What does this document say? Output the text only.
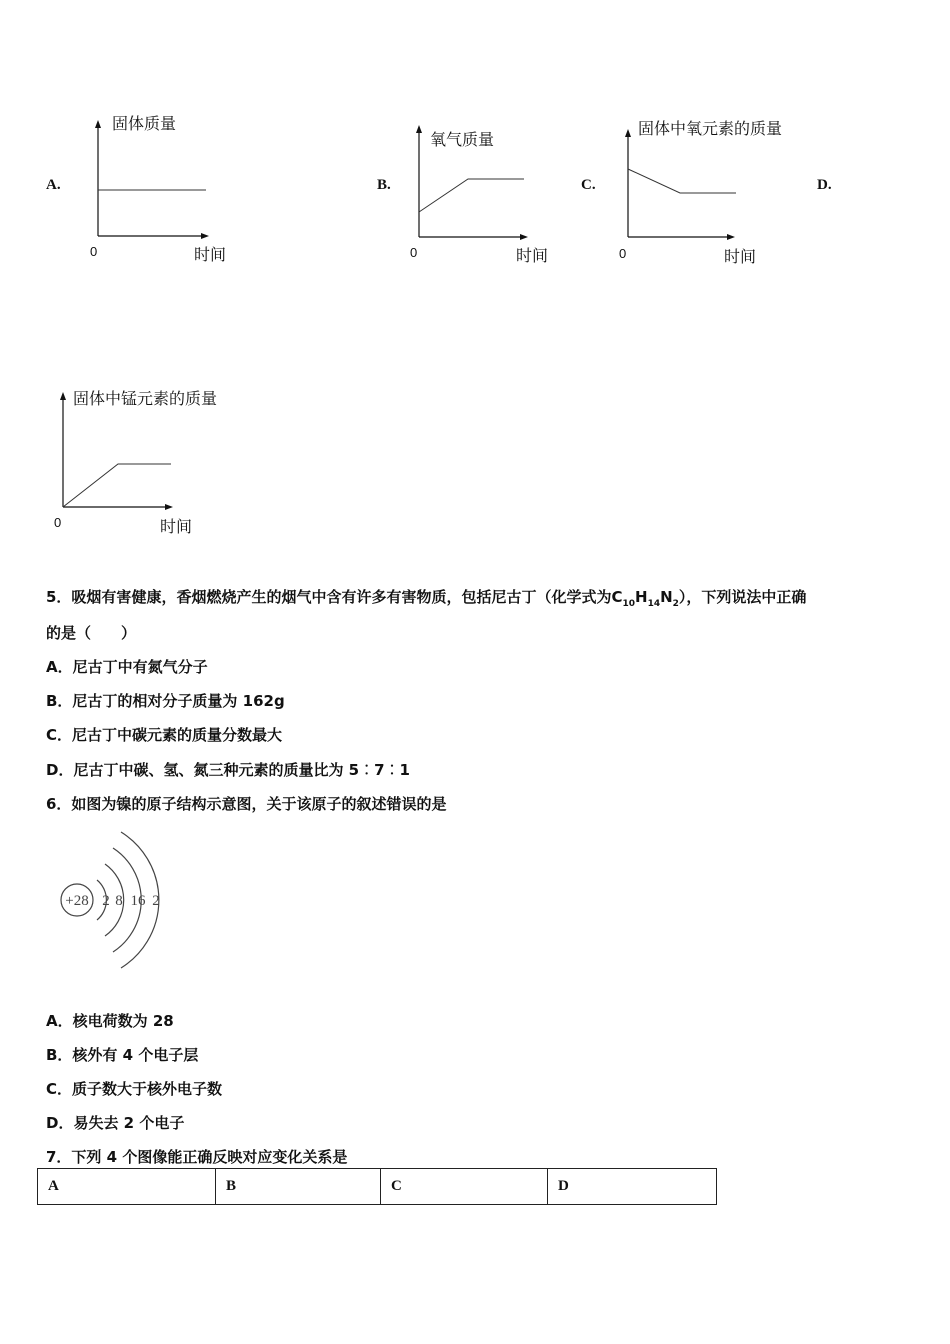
A.
固体质量
0	时间
B.
氧气质量
0	时间
C.
固体中氧元素的质量
0	时间
D.
固体中锰元素的质量
0	时间
5．吸烟有害健康，香烟燃烧产生的烟气中含有许多有害物质，包括尼古丁（化学式为$C_{10}H_{14}N_2$），下列说法中正确
的是（　　）
A．尼古丁中有氮气分子
B．尼古丁的相对分子质量为 162g
C．尼古丁中碳元素的质量分数最大
D．尼古丁中碳、氢、氮三种元素的质量比为 5︰7︰1
6．如图为镍的原子结构示意图，关于该原子的叙述错误的是
+28 2 8 16 2
A．核电荷数为 28
B．核外有 4 个电子层
C．质子数大于核外电子数
D．易失去 2 个电子
7．下列 4 个图像能正确反映对应变化关系是
A	B	C	D
